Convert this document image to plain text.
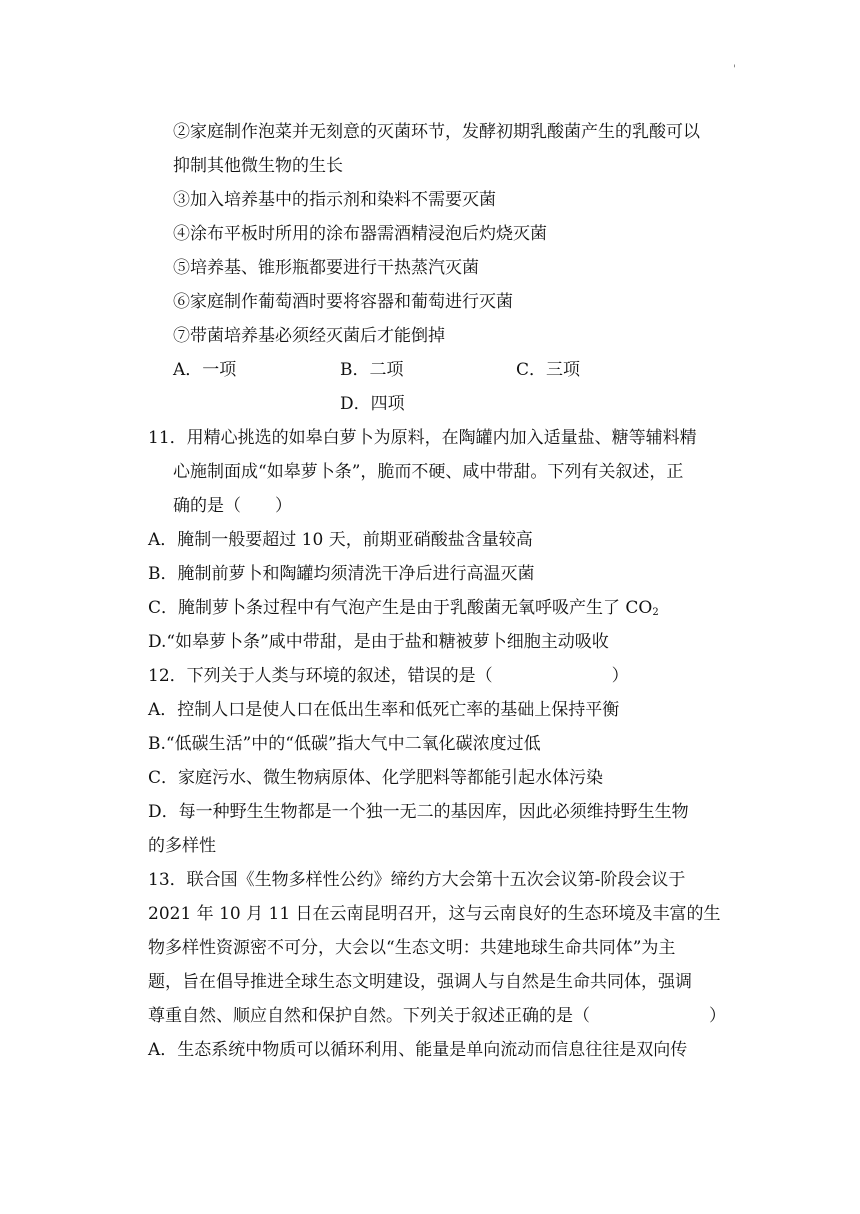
'
②家庭制作泡菜并无刻意的灭菌环节，发酵初期乳酸菌产生的乳酸可以
抑制其他微生物的生长
③加入培养基中的指示剂和染料不需要灭菌
④涂布平板时所用的涂布器需酒精浸泡后灼烧灭菌
⑤培养基、锥形瓶都要进行干热蒸汽灭菌
⑥家庭制作葡萄酒时要将容器和葡萄进行灭菌
⑦带菌培养基必须经灭菌后才能倒掉
A．一项	B．二项	C．三项
D．四项
11．用精心挑选的如皋白萝卜为原料，在陶罐内加入适量盐、糖等辅料精
心施制面成“如皋萝卜条”，脆而不硬、咸中带甜。下列有关叙述，正
确的是（　　）
A．腌制一般要超过 10 天，前期亚硝酸盐含量较高
B．腌制前萝卜和陶罐均须清洗干净后进行高温灭菌
C．腌制萝卜条过程中有气泡产生是由于乳酸菌无氧呼吸产生了 $CO_2$
D.“如皋萝卜条”咸中带甜，是由于盐和糖被萝卜细胞主动吸收
12．下列关于人类与环境的叙述，错误的是（　　　　　　　）
A．控制人口是使人口在低出生率和低死亡率的基础上保持平衡
B.“低碳生活”中的“低碳”指大气中二氧化碳浓度过低
C．家庭污水、微生物病原体、化学肥料等都能引起水体污染
D．每一种野生生物都是一个独一无二的基因库，因此必须维持野生生物
的多样性
13．联合国《生物多样性公约》缔约方大会第十五次会议第-阶段会议于
2021 年 10 月 11 日在云南昆明召开，这与云南良好的生态环境及丰富的生
物多样性资源密不可分，大会以“生态文明：共建地球生命共同体”为主
题，旨在倡导推进全球生态文明建设，强调人与自然是生命共同体，强调
尊重自然、顺应自然和保护自然。下列关于叙述正确的是（　　　　　　　）
A．生态系统中物质可以循环利用、能量是单向流动而信息往往是双向传
